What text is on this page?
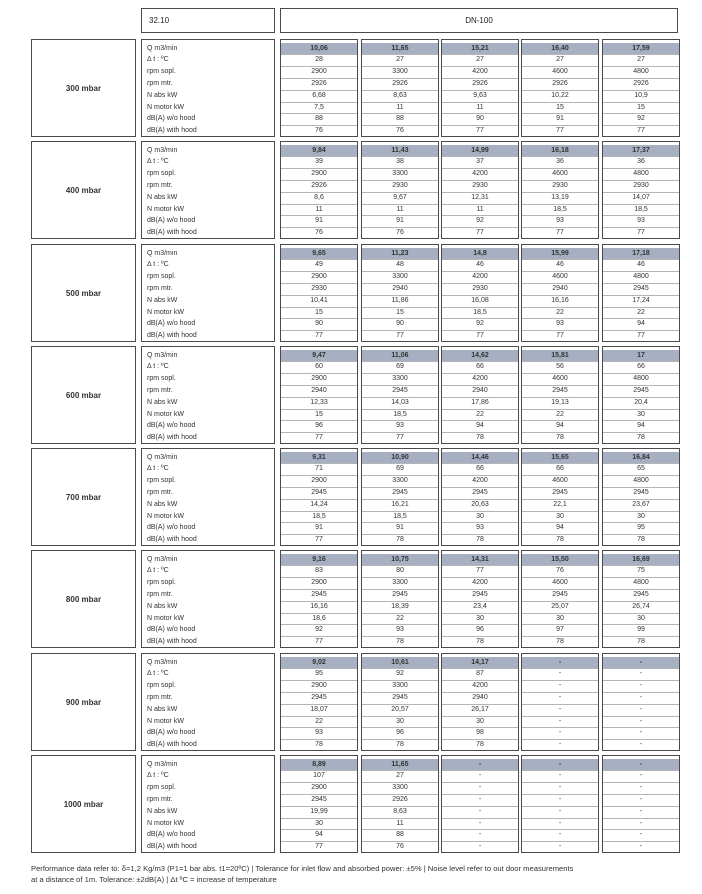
32.10	DN-100
300 mbar
Q m3/min
Δ t : ºC
rpm sopl.
rpm mtr.
N abs kW
N motor kW
dB(A) w/o hood
dB(A) with hood
10,06
28
2900
2926
6,68
7,5
88
76
11,65
27
3300
2926
8,63
11
88
76
15,21
27
4200
2926
9,63
11
90
77
16,40
27
4600
2926
10,22
15
91
77
17,59
27
4800
2926
10,9
15
92
77
400 mbar
Q m3/min
Δ t : ºC
rpm sopl.
rpm mtr.
N abs kW
N motor kW
dB(A) w/o hood
dB(A) with hood
9,84
39
2900
2926
8,6
11
91
76
11,43
38
3300
2930
9,67
11
91
76
14,99
37
4200
2930
12,31
11
92
77
16,18
36
4600
2930
13,19
18,5
93
77
17,37
36
4800
2930
14,07
18,5
93
77
500 mbar
Q m3/min
Δ t : ºC
rpm sopl.
rpm mtr.
N abs kW
N motor kW
dB(A) w/o hood
dB(A) with hood
9,65
49
2900
2930
10,41
15
90
77
11,23
48
3300
2940
11,86
15
90
77
14,8
46
4200
2930
16,08
18,5
92
77
15,99
46
4600
2940
16,16
22
93
77
17,18
46
4800
2945
17,24
22
94
77
600 mbar
Q m3/min
Δ t : ºC
rpm sopl.
rpm mtr.
N abs kW
N motor kW
dB(A) w/o hood
dB(A) with hood
9,47
60
2900
2940
12,33
15
96
77
11,06
69
3300
2945
14,03
18,5
93
77
14,62
66
4200
2940
17,86
22
94
78
15,81
56
4600
2945
19,13
22
94
78
17
66
4800
2945
20,4
30
94
78
700 mbar
Q m3/min
Δ t : ºC
rpm sopl.
rpm mtr.
N abs kW
N motor kW
dB(A) w/o hood
dB(A) with hood
9,31
71
2900
2945
14,24
18,5
91
77
10,90
69
3300
2945
16,21
18,5
91
78
14,46
66
4200
2945
20,63
30
93
78
15,65
66
4600
2945
22,1
30
94
78
16,84
65
4800
2945
23,67
30
95
78
800 mbar
Q m3/min
Δ t : ºC
rpm sopl.
rpm mtr.
N abs kW
N motor kW
dB(A) w/o hood
dB(A) with hood
9,16
83
2900
2945
16,16
18,6
92
77
10,75
80
3300
2945
18,39
22
93
78
14,31
77
4200
2945
23,4
30
96
78
15,50
76
4600
2945
25,07
30
97
78
16,69
75
4800
2945
26,74
30
99
78
900 mbar
Q m3/min
Δ t : ºC
rpm sopl.
rpm mtr.
N abs kW
N motor kW
dB(A) w/o hood
dB(A) with hood
9,02
95
2900
2945
18,07
22
93
78
10,61
92
3300
2945
20,57
30
96
78
14,17
87
4200
2940
26,17
30
98
78
-
-
-
-
-
-
-
-
-
-
-
-
-
-
-
-
1000 mbar
Q m3/min
Δ t : ºC
rpm sopl.
rpm mtr.
N abs kW
N motor kW
dB(A) w/o hood
dB(A) with hood
8,89
107
2900
2945
19,99
30
94
77
11,65
27
3300
2926
8,63
11
88
76
-
-
-
-
-
-
-
-
-
-
-
-
-
-
-
-
-
-
-
-
-
-
-
-
Performance data refer to: δ=1,2 Kg/m3 (P1=1 bar abs. t1=20ºC) | Tolerance for inlet flow and absorbed power: ±5% | Noise level refer to out door measurements
at a distance of 1m. Tolerance: ±2dB(A) | Δt ºC = increase of temperature
